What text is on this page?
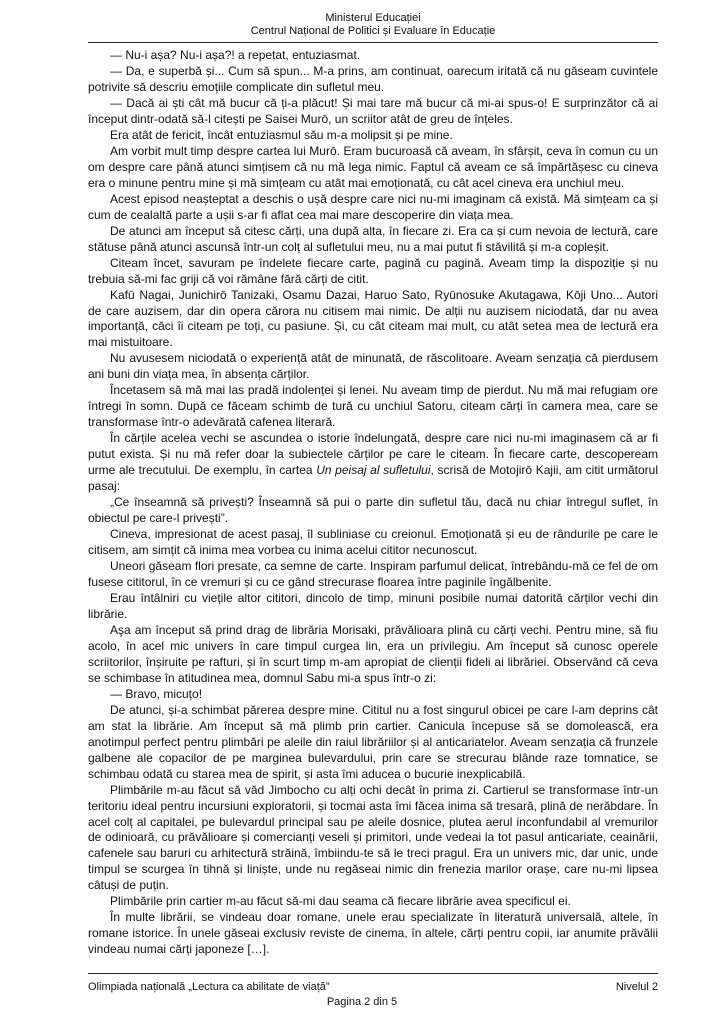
Ministerul Educației
Centrul Național de Politici și Evaluare în Educație

— Nu-i așa? Nu-i așa?! a repetat, entuziasmat.

— Da, e superbă și... Cum să spun... M-a prins, am continuat, oarecum iritată că nu găseam cuvintele potrivite să descriu emoțiile complicate din sufletul meu.

— Dacă ai ști cât mă bucur că ți-a plăcut! Și mai tare mă bucur că mi-ai spus-o! E surprinzător că ai început dintr-odată să-l citești pe Saisei Murō, un scriitor atât de greu de înțeles.

Era atât de fericit, încât entuziasmul său m-a molipsit și pe mine.

Am vorbit mult timp despre cartea lui Murō. Eram bucuroasă că aveam, în sfârșit, ceva în comun cu un om despre care până atunci simțisem că nu mă lega nimic. Faptul că aveam ce să împărtășesc cu cineva era o minune pentru mine și mă simțeam cu atât mai emoționată, cu cât acel cineva era unchiul meu.

Acest episod neașteptat a deschis o ușă despre care nici nu-mi imaginam că există. Mă simțeam ca și cum de cealaltă parte a ușii s-ar fi aflat cea mai mare descoperire din viața mea.

De atunci am început să citesc cărți, una după alta, în fiecare zi. Era ca și cum nevoia de lectură, care stătuse până atunci ascunsă într-un colț al sufletului meu, nu a mai putut fi stăvilită și m-a copleșit.

Citeam încet, savuram pe îndelete fiecare carte, pagină cu pagină. Aveam timp la dispoziție și nu trebuia să-mi fac griji că voi rămâne fără cărți de citit.

Kafū Nagai, Junichirō Tanizaki, Osamu Dazai, Haruo Sato, Ryūnosuke Akutagawa, Kōji Uno... Autori de care auzisem, dar din opera cărora nu citisem mai nimic. De alții nu auzisem niciodată, dar nu avea importanță, căci îi citeam pe toți, cu pasiune. Și, cu cât citeam mai mult, cu atât setea mea de lectură era mai mistuitoare.

Nu avusesem niciodată o experiență atât de minunată, de răscolitoare. Aveam senzația că pierdusem ani buni din viața mea, în absența cărților.

Încetasem să mă mai las pradă indolenței și lenei. Nu aveam timp de pierdut. Nu mă mai refugiam ore întregi în somn. După ce făceam schimb de tură cu unchiul Satoru, citeam cărți în camera mea, care se transformase într-o adevărată cafenea literară.

În cărțile acelea vechi se ascundea o istorie îndelungată, despre care nici nu-mi imaginasem că ar fi putut exista. Și nu mă refer doar la subiectele cărților pe care le citeam. În fiecare carte, descopeream urme ale trecutului. De exemplu, în cartea Un peisaj al sufletului, scrisă de Motojirō Kajii, am citit următorul pasaj:

„Ce înseamnă să privești? Înseamnă să pui o parte din sufletul tău, dacă nu chiar întregul suflet, în obiectul pe care-l privești”.

Cineva, impresionat de acest pasaj, îl subliniase cu creionul. Emoționată și eu de rândurile pe care le citisem, am simțit că inima mea vorbea cu inima acelui cititor necunoscut.

Uneori găseam flori presate, ca semne de carte. Inspiram parfumul delicat, întrebându-mă ce fel de om fusese cititorul, în ce vremuri și cu ce gând strecurase floarea între paginile îngălbenite.

Erau întâlniri cu viețile altor cititori, dincolo de timp, minuni posibile numai datorită cărților vechi din librărie.

Aşa am început să prind drag de librăria Morisaki, prăvălioara plină cu cărți vechi. Pentru mine, să fiu acolo, în acel mic univers în care timpul curgea lin, era un privilegiu. Am început să cunosc operele scriitorilor, înșiruite pe rafturi, și în scurt timp m-am apropiat de clienții fideli ai librăriei. Observând că ceva se schimbase în atitudinea mea, domnul Sabu mi-a spus într-o zi:

— Bravo, micuțo!

De atunci, și-a schimbat părerea despre mine. Cititul nu a fost singurul obicei pe care l-am deprins cât am stat la librărie. Am început să mă plimb prin cartier. Canicula începuse să se domolească, era anotimpul perfect pentru plimbări pe aleile din raiul librăriilor și al anticariatelor. Aveam senzația că frunzele galbene ale copacilor de pe marginea bulevardului, prin care se strecurau blânde raze tomnatice, se schimbau odată cu starea mea de spirit, și asta îmi aducea o bucurie inexplicabilă.

Plimbările m-au făcut să văd Jimbocho cu alți ochi decât în prima zi. Cartierul se transformase într-un teritoriu ideal pentru incursiuni exploratorii, și tocmai asta îmi făcea inima să tresară, plină de nerăbdare. În acel colț al capitalei, pe bulevardul principal sau pe aleile dosnice, plutea aerul inconfundabil al vremurilor de odinioară, cu prăvălioare și comercianți veseli și primitori, unde vedeai la tot pasul anticariate, ceainării, cafenele sau baruri cu arhitectură străină, îmbiindu-te să le treci pragul. Era un univers mic, dar unic, unde timpul se scurgea în tihnă și liniște, unde nu regăseai nimic din frenezia marilor orașe, care nu-mi lipsea câtuși de puțin.

Plimbările prin cartier m-au făcut să-mi dau seama că fiecare librărie avea specificul ei.

În multe librării, se vindeau doar romane, unele erau specializate în literatură universală, altele, în romane istorice. În unele găseai exclusiv reviste de cinema, în altele, cărți pentru copii, iar anumite prăvălii vindeau numai cărți japoneze […].

Olimpiada națională „Lectura ca abilitate de viață”	Nivelul 2
Pagina 2 din 5
